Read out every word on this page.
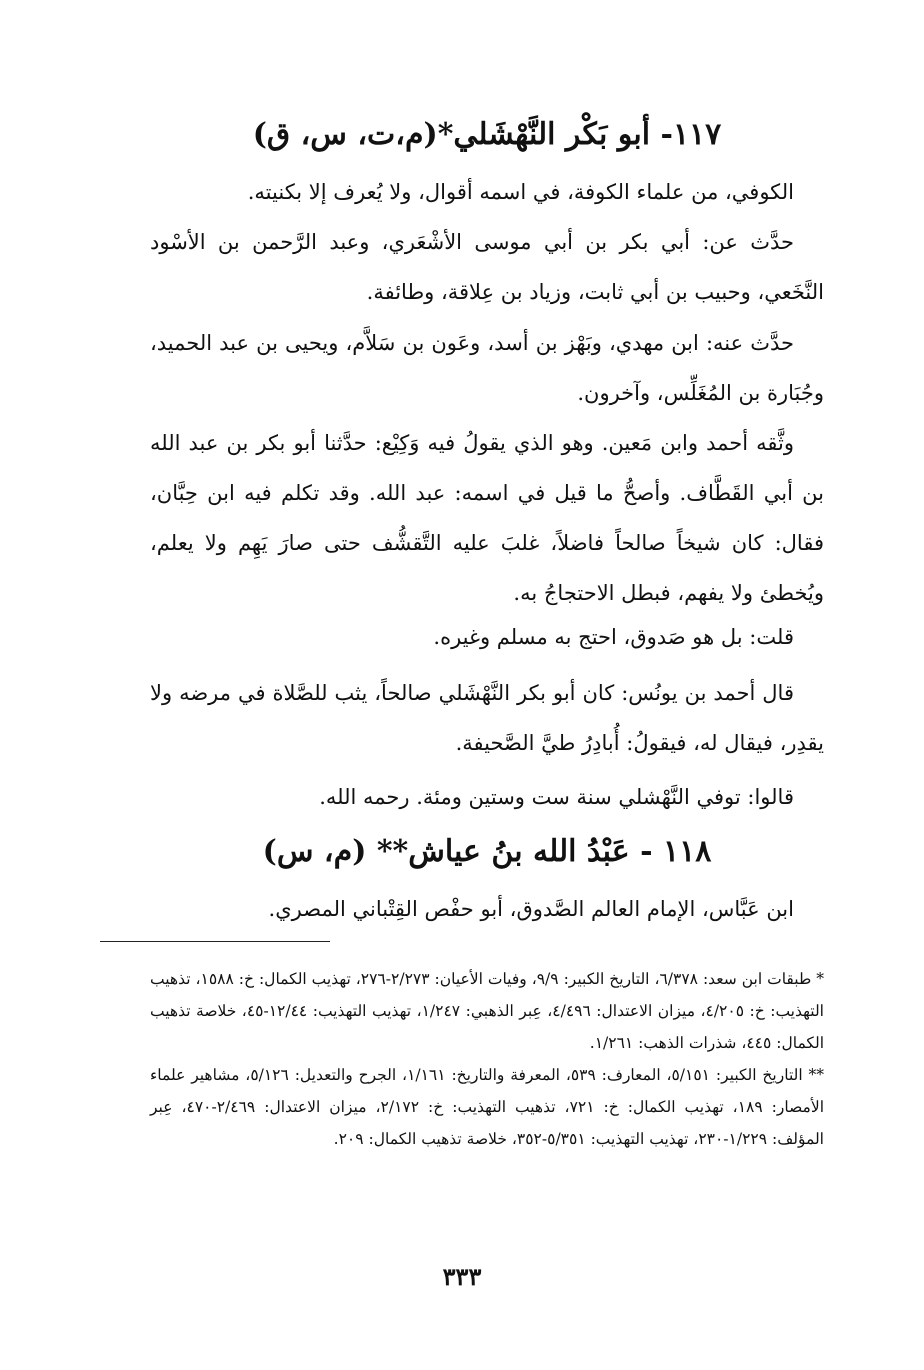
١١٧- أبو بَكْر النَّهْشَلي*(م،ت، س، ق)

الكوفي، من علماء الكوفة، في اسمه أقوال، ولا يُعرف إلا بكنيته.

حدَّث عن: أبي بكر بن أبي موسى الأشْعَري، وعبد الرَّحمن بن الأسْود النَّخَعي، وحبيب بن أبي ثابت، وزياد بن عِلاقة، وطائفة.

حدَّث عنه: ابن مهدي، وبَهْز بن أسد، وعَون بن سَلاَّم، ويحيى بن عبد الحميد، وجُبَارة بن المُغَلِّس، وآخرون.

وثَّقه أحمد وابن مَعين. وهو الذي يقولُ فيه وَكِيْع: حدَّثنا أبو بكر بن عبد الله بن أبي القَطَّاف. وأصحُّ ما قيل في اسمه: عبد الله. وقد تكلم فيه ابن حِبَّان، فقال: كان شيخاً صالحاً فاضلاً، غلبَ عليه التَّقشُّف حتى صارَ يَهِم ولا يعلم، ويُخطئ ولا يفهم، فبطل الاحتجاجُ به.

قلت: بل هو صَدوق، احتج به مسلم وغيره.

قال أحمد بن يونُس: كان أبو بكر النَّهْشَلي صالحاً، يثب للصَّلاة في مرضه ولا يقدِر، فيقال له، فيقولُ: أُبادِرُ طيَّ الصَّحيفة.

قالوا: توفي النَّهْشلي سنة ست وستين ومئة. رحمه الله.

١١٨ - عَبْدُ الله بنُ عياش** (م، س)

ابن عَبَّاس، الإمام العالم الصَّدوق، أبو حفْص القِتْباني المصري.

* طبقات ابن سعد: ٦/٣٧٨، التاريخ الكبير: ٩/٩، وفيات الأعيان: ٢/٢٧٣-٢٧٦، تهذيب الكمال: خ: ١٥٨٨، تذهيب التهذيب: خ: ٤/٢٠٥، ميزان الاعتدال: ٤/٤٩٦، عِبر الذهبي: ١/٢٤٧، تهذيب التهذيب: ١٢/٤٤-٤٥، خلاصة تذهيب الكمال: ٤٤٥، شذرات الذهب: ١/٢٦١.

** التاريخ الكبير: ٥/١٥١، المعارف: ٥٣٩، المعرفة والتاريخ: ١/١٦١، الجرح والتعديل: ٥/١٢٦، مشاهير علماء الأمصار: ١٨٩، تهذيب الكمال: خ: ٧٢١، تذهيب التهذيب: خ: ٢/١٧٢، ميزان الاعتدال: ٢/٤٦٩-٤٧٠، عِبر المؤلف: ١/٢٢٩-٢٣٠، تهذيب التهذيب: ٥/٣٥١-٣٥٢، خلاصة تذهيب الكمال: ٢٠٩.

٣٣٣
